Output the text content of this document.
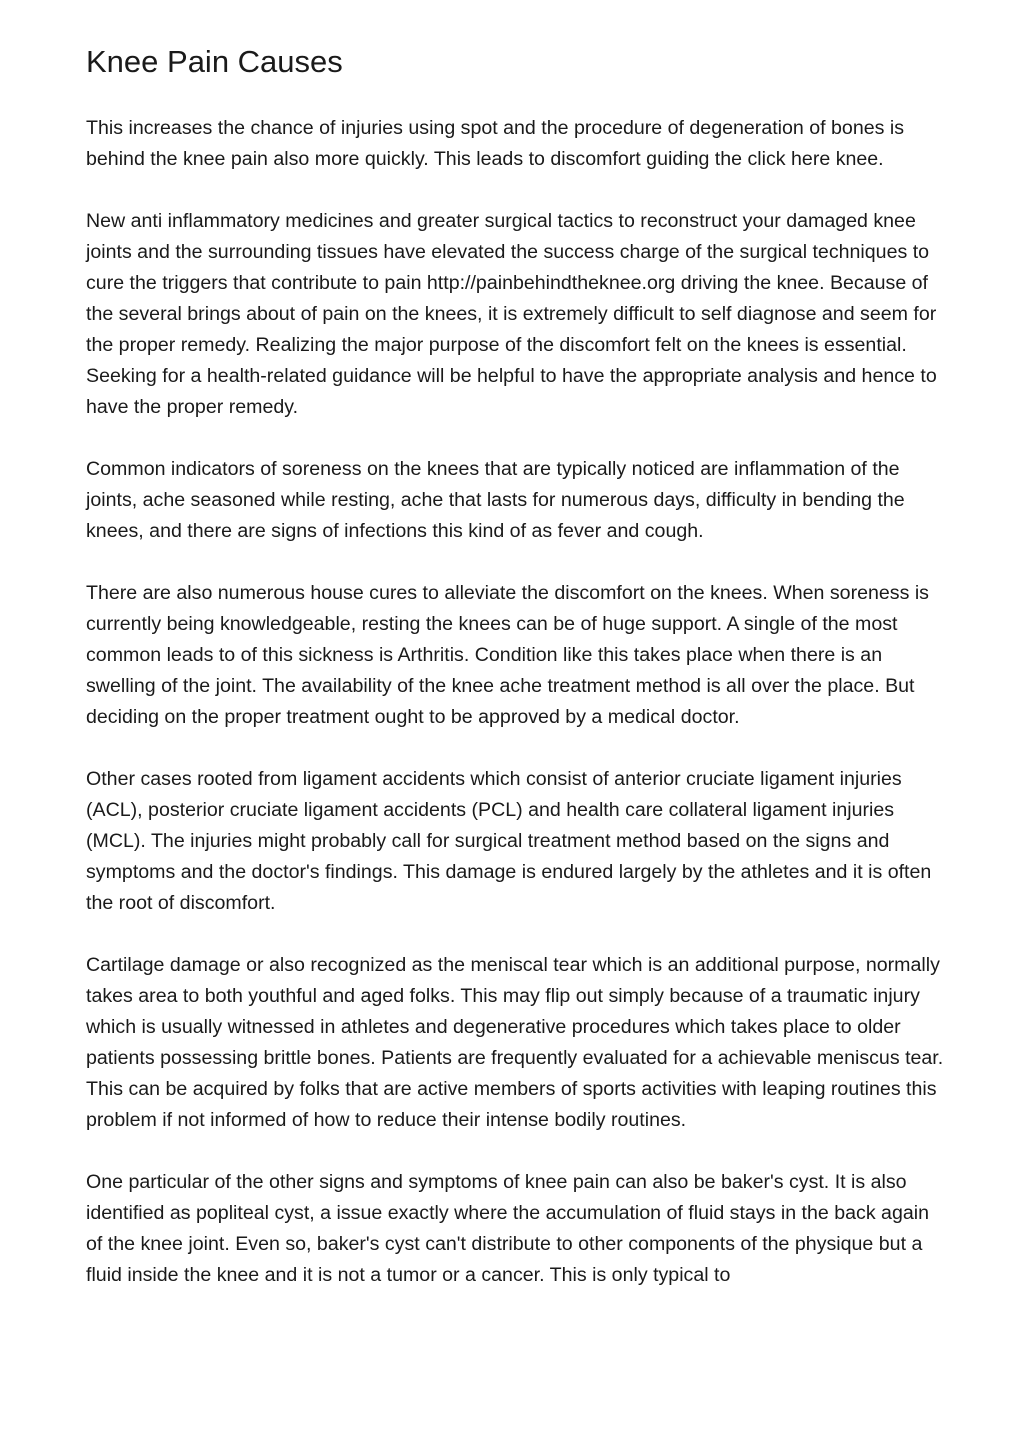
Knee Pain Causes

This increases the chance of injuries using spot and the procedure of degeneration of bones is behind the knee pain also more quickly. This leads to discomfort guiding the click here knee.

New anti inflammatory medicines and greater surgical tactics to reconstruct your damaged knee joints and the surrounding tissues have elevated the success charge of the surgical techniques to cure the triggers that contribute to pain http://painbehindtheknee.org driving the knee. Because of the several brings about of pain on the knees, it is extremely difficult to self diagnose and seem for the proper remedy. Realizing the major purpose of the discomfort felt on the knees is essential. Seeking for a health-related guidance will be helpful to have the appropriate analysis and hence to have the proper remedy.

Common indicators of soreness on the knees that are typically noticed are inflammation of the joints, ache seasoned while resting, ache that lasts for numerous days, difficulty in bending the knees, and there are signs of infections this kind of as fever and cough.

There are also numerous house cures to alleviate the discomfort on the knees. When soreness is currently being knowledgeable, resting the knees can be of huge support. A single of the most common leads to of this sickness is Arthritis. Condition like this takes place when there is an swelling of the joint. The availability of the knee ache treatment method is all over the place. But deciding on the proper treatment ought to be approved by a medical doctor.

Other cases rooted from ligament accidents which consist of anterior cruciate ligament injuries (ACL), posterior cruciate ligament accidents (PCL) and health care collateral ligament injuries (MCL). The injuries might probably call for surgical treatment method based on the signs and symptoms and the doctor's findings. This damage is endured largely by the athletes and it is often the root of discomfort.

Cartilage damage or also recognized as the meniscal tear which is an additional purpose, normally takes area to both youthful and aged folks. This may flip out simply because of a traumatic injury which is usually witnessed in athletes and degenerative procedures which takes place to older patients possessing brittle bones. Patients are frequently evaluated for a achievable meniscus tear. This can be acquired by folks that are active members of sports activities with leaping routines this problem if not informed of how to reduce their intense bodily routines.

One particular of the other signs and symptoms of knee pain can also be baker's cyst. It is also identified as popliteal cyst, a issue exactly where the accumulation of fluid stays in the back again of the knee joint. Even so, baker's cyst can't distribute to other components of the physique but a fluid inside the knee and it is not a tumor or a cancer. This is only typical to
